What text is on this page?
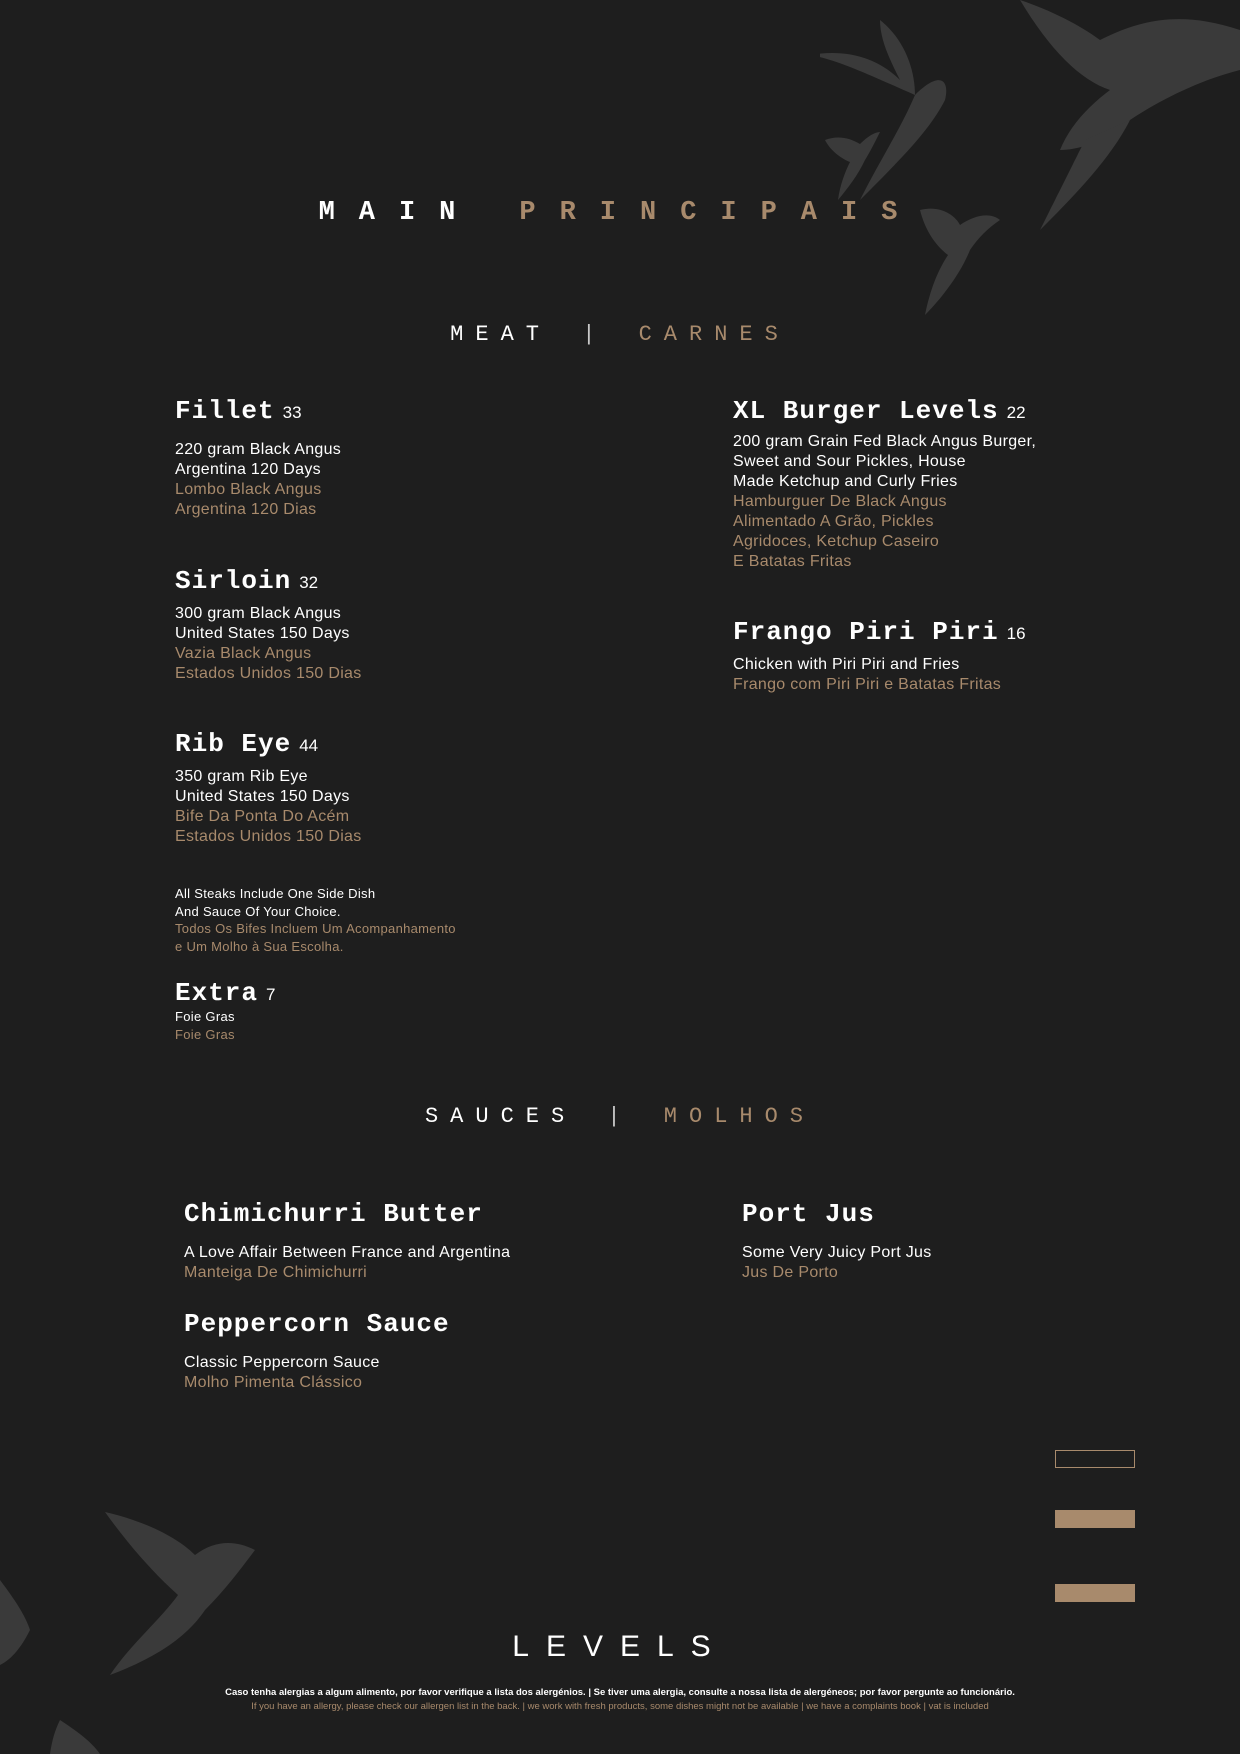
MAIN PRINCIPAIS
MEAT | CARNES
Fillet 33
220 gram Black Angus
Argentina 120 Days
Lombo Black Angus
Argentina 120 Dias
Sirloin 32
300 gram Black Angus
United States 150 Days
Vazia Black Angus
Estados Unidos 150 Dias
Rib Eye 44
350 gram Rib Eye
United States 150 Days
Bife Da Ponta Do Acém
Estados Unidos 150 Dias
All Steaks Include One Side Dish
And Sauce Of Your Choice.
Todos Os Bifes Incluem Um Acompanhamento
e Um Molho à Sua Escolha.
Extra 7
Foie Gras
Foie Gras
XL Burger Levels 22
200 gram Grain Fed Black Angus Burger,
Sweet and Sour Pickles, House
Made Ketchup and Curly Fries
Hamburguer De Black Angus
Alimentado A Grão, Pickles
Agridoces, Ketchup Caseiro
E Batatas Fritas
Frango Piri Piri 16
Chicken with Piri Piri and Fries
Frango com Piri Piri e Batatas Fritas
SAUCES | MOLHOS
Chimichurri Butter
A Love Affair Between France and Argentina
Manteiga De Chimichurri
Port Jus
Some Very Juicy Port Jus
Jus De Porto
Peppercorn Sauce
Classic Peppercorn Sauce
Molho Pimenta Clássico
LEVELS
Caso tenha alergias a algum alimento, por favor verifique a lista dos alergénios. | Se tiver uma alergia, consulte a nossa lista de alergéneos; por favor pergunte ao funcionário.
If you have an allergy, please check our allergen list in the back. | we work with fresh products, some dishes might not be available | we have a complaints book | vat is included
